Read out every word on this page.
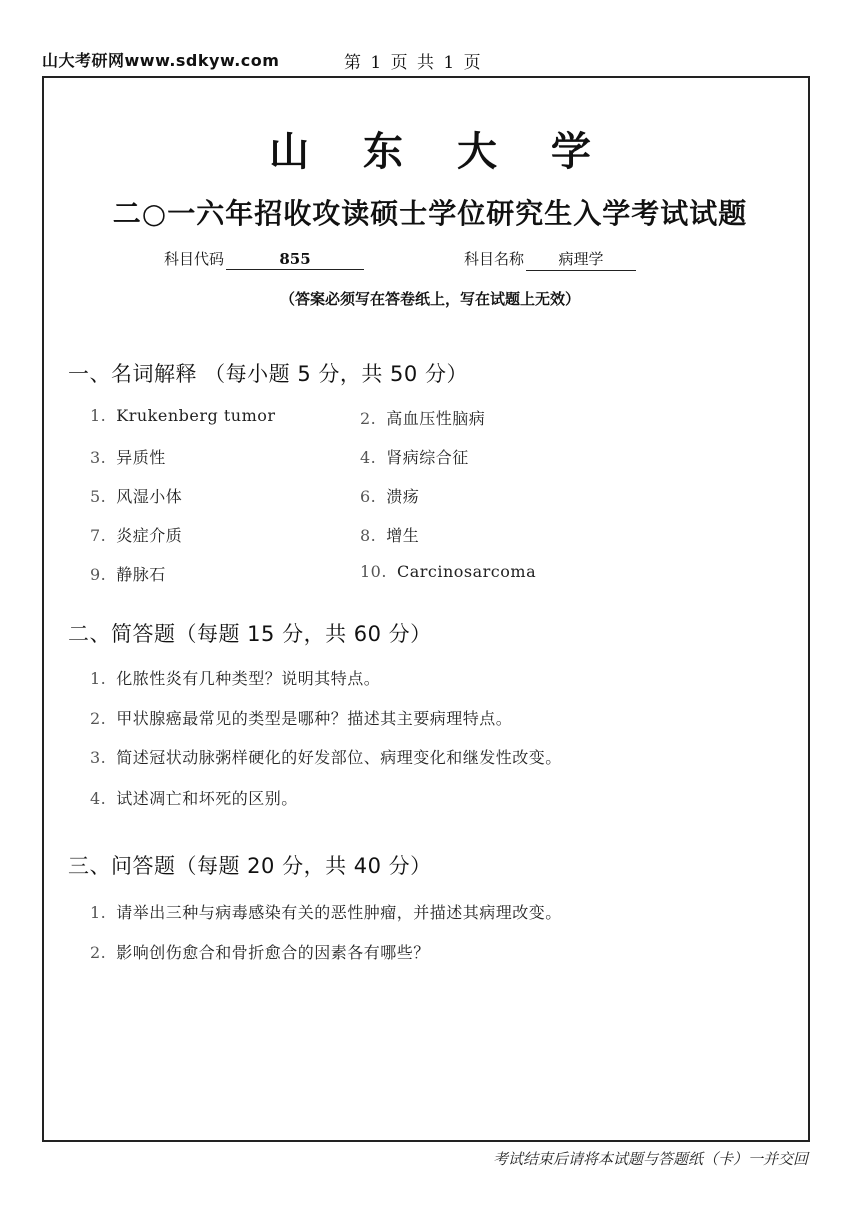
山大考研网www.sdkyw.com	第 1 页 共 1 页
山 东 大 学
二○一六年招收攻读硕士学位研究生入学考试试题
科目代码	855	科目名称 病理学
（答案必须写在答卷纸上，写在试题上无效）
一、名词解释 （每小题 5 分，共 50 分）
1. Krukenberg tumor	2. 高血压性脑病
3. 异质性	4. 肾病综合征
5. 风湿小体	6. 溃疡
7. 炎症介质	8. 增生
9. 静脉石	10. Carcinosarcoma
二、简答题（每题 15 分，共 60 分）
1. 化脓性炎有几种类型？说明其特点。
2. 甲状腺癌最常见的类型是哪种？描述其主要病理特点。
3. 简述冠状动脉粥样硬化的好发部位、病理变化和继发性改变。
4. 试述凋亡和坏死的区别。
三、问答题（每题 20 分，共 40 分）
1. 请举出三种与病毒感染有关的恶性肿瘤，并描述其病理改变。
2. 影响创伤愈合和骨折愈合的因素各有哪些？
考试结束后请将本试题与答题纸（卡）一并交回
